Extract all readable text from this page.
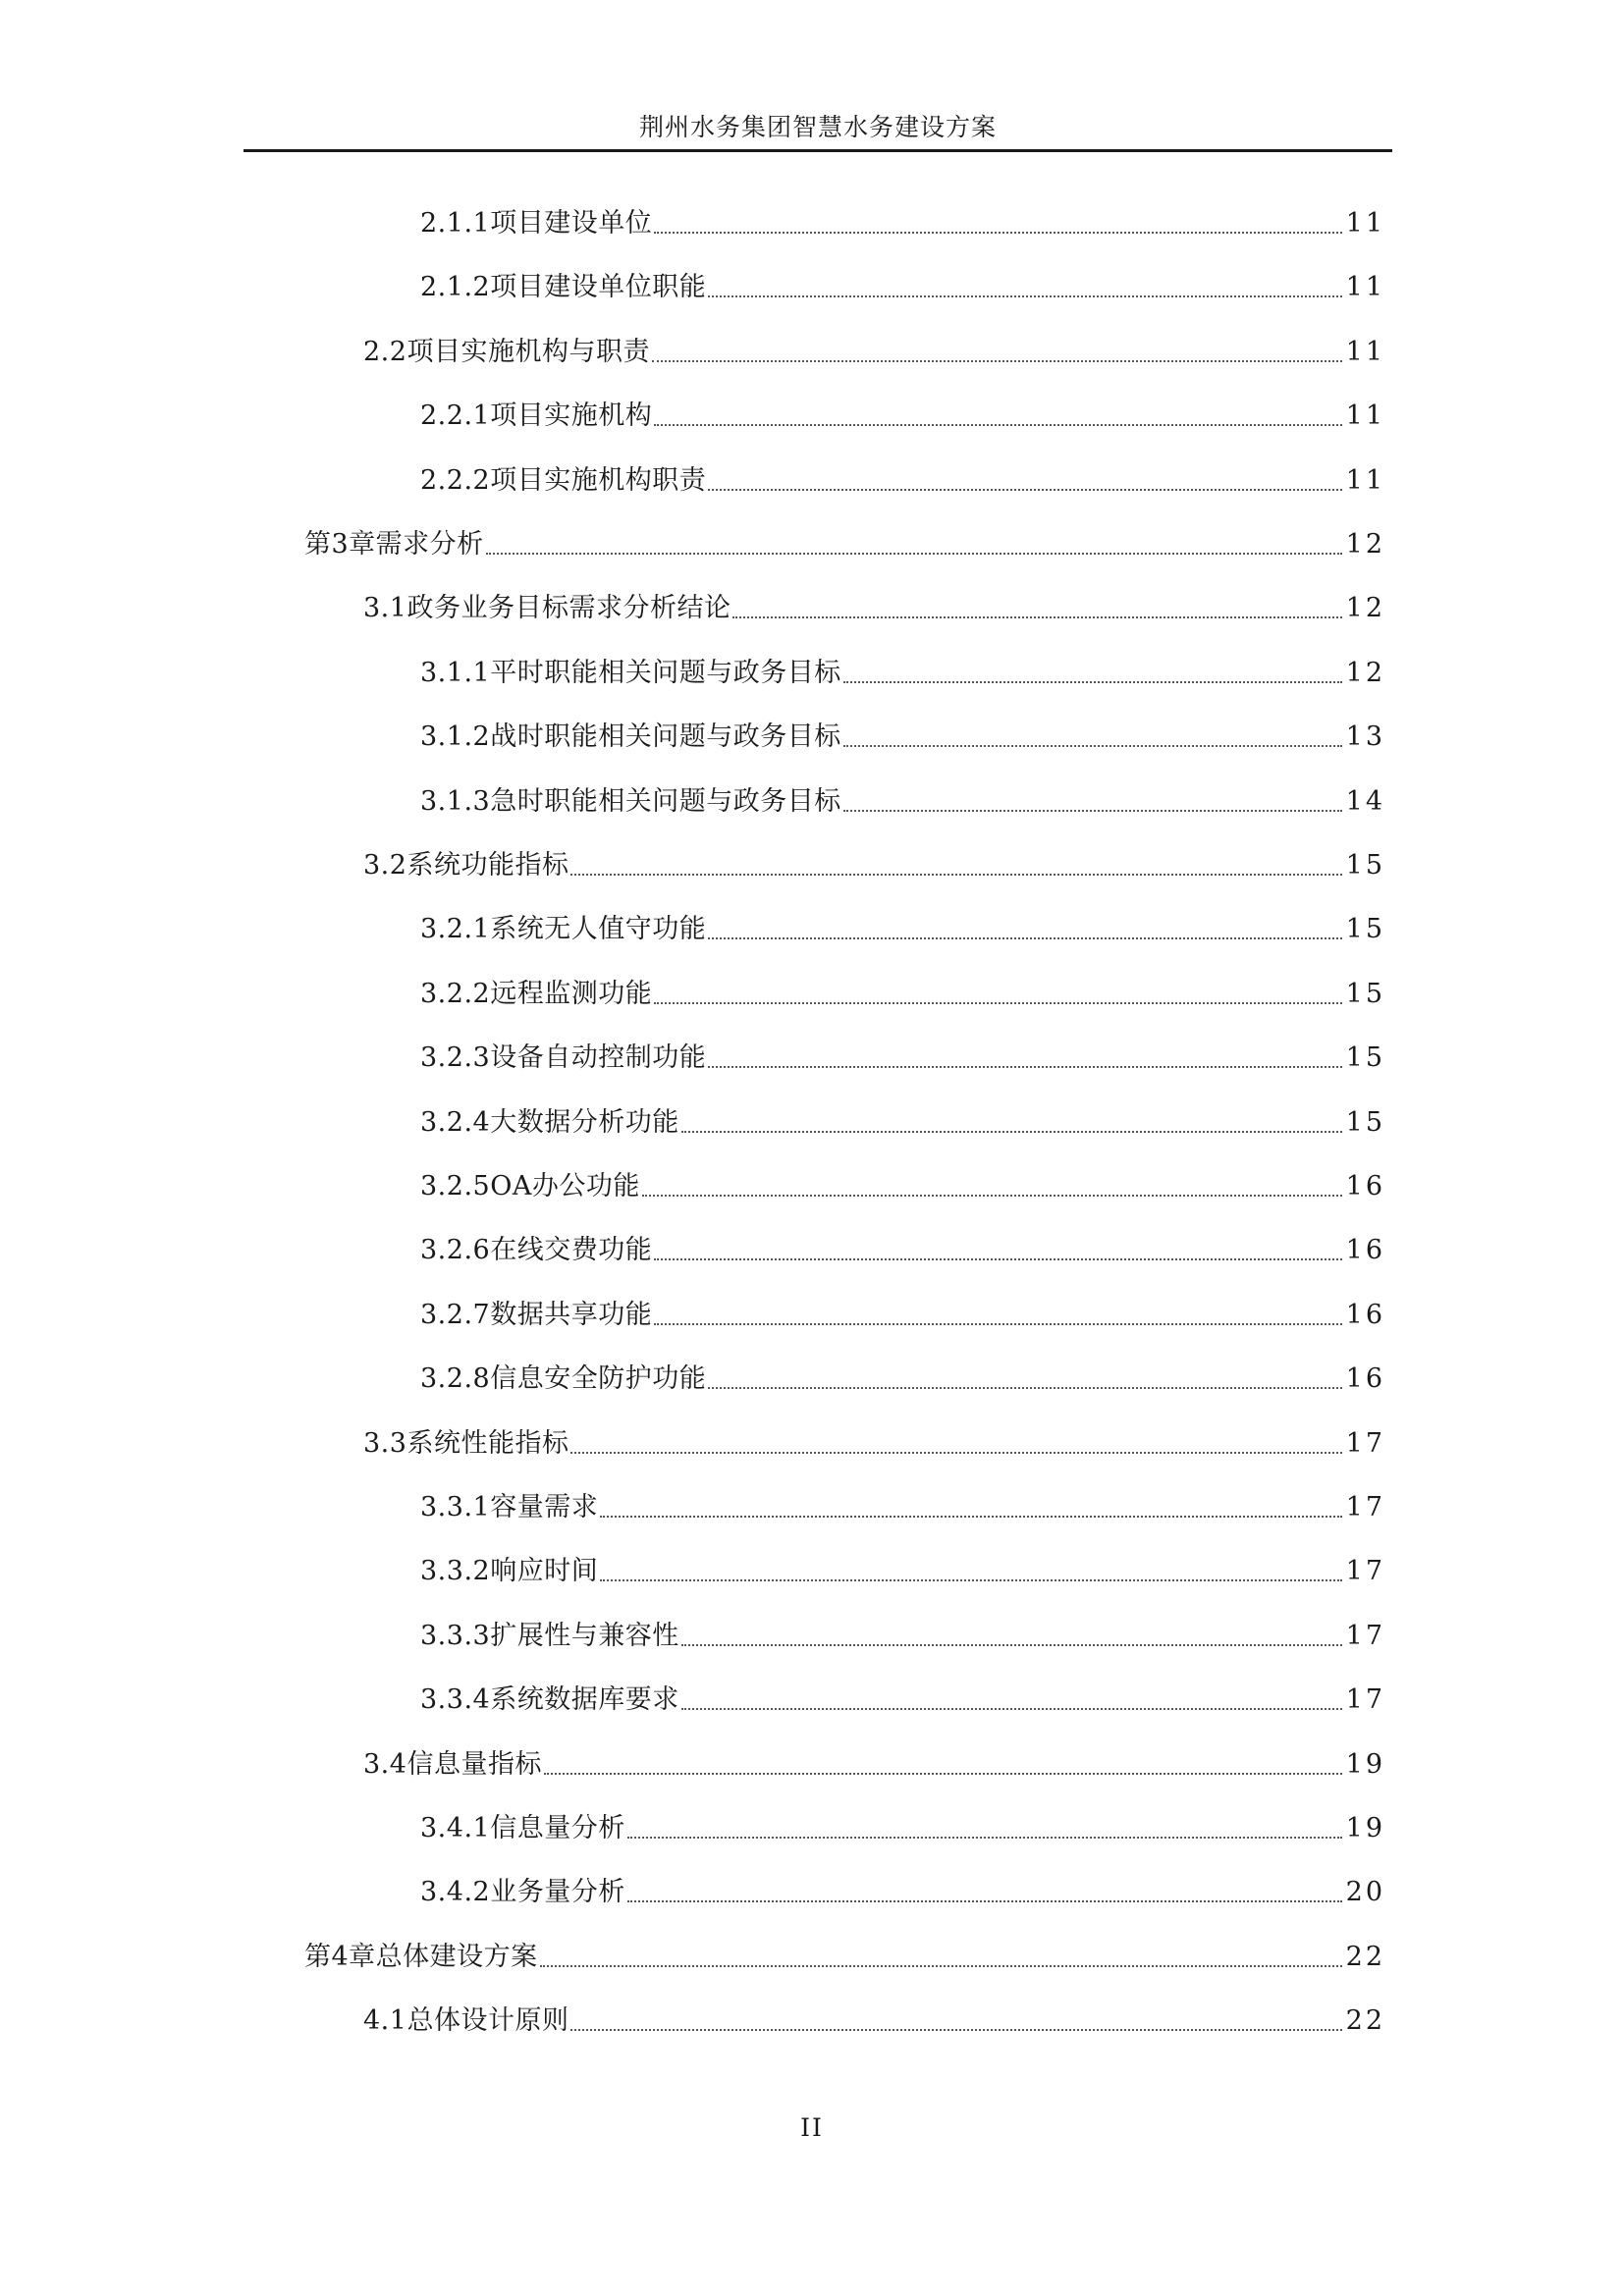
荆州水务集团智慧水务建设方案
2.1.1项目建设单位	11
2.1.2项目建设单位职能	11
2.2项目实施机构与职责	11
2.2.1项目实施机构	11
2.2.2项目实施机构职责	11
第3章需求分析	12
3.1政务业务目标需求分析结论	12
3.1.1平时职能相关问题与政务目标	12
3.1.2战时职能相关问题与政务目标	13
3.1.3急时职能相关问题与政务目标	14
3.2系统功能指标	15
3.2.1系统无人值守功能	15
3.2.2远程监测功能	15
3.2.3设备自动控制功能	15
3.2.4大数据分析功能	15
3.2.5OA办公功能	16
3.2.6在线交费功能	16
3.2.7数据共享功能	16
3.2.8信息安全防护功能	16
3.3系统性能指标	17
3.3.1容量需求	17
3.3.2响应时间	17
3.3.3扩展性与兼容性	17
3.3.4系统数据库要求	17
3.4信息量指标	19
3.4.1信息量分析	19
3.4.2业务量分析	20
第4章总体建设方案	22
4.1总体设计原则	22
II
